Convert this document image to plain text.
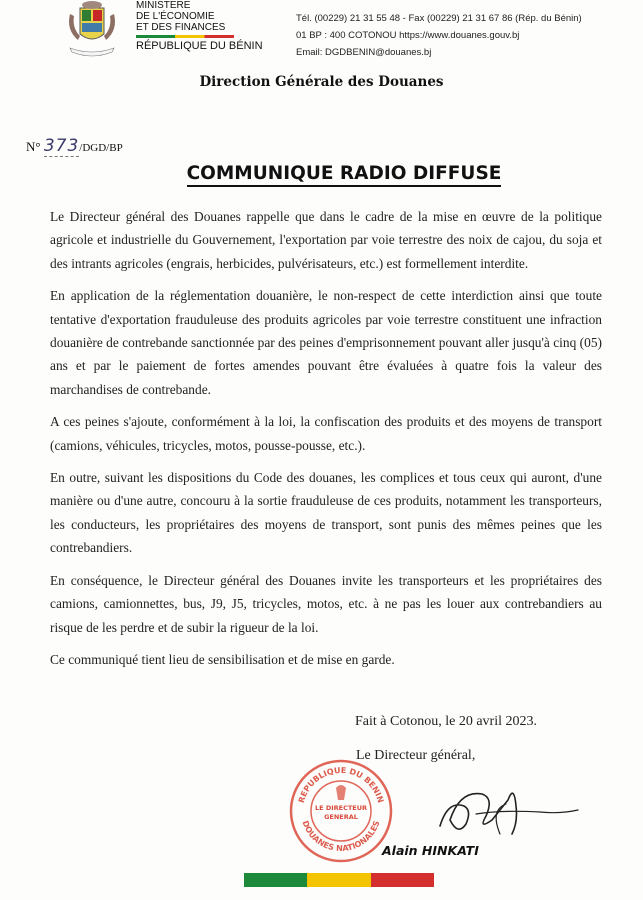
MINISTERE
DE L'ÉCONOMIE
ET DES FINANCES
RÉPUBLIQUE DU BÉNIN
Tél. (00229) 21 31 55 48 - Fax (00229) 21 31 67 86 (Rép. du Bénin)
01 BP : 400 COTONOU https://www.douanes.gouv.bj
Email: DGDBENIN@douanes.bj
Direction Générale des Douanes
N° 373/DGD/BP
COMMUNIQUE RADIO DIFFUSE

Le Directeur général des Douanes rappelle que dans le cadre de la mise en œuvre de la politique agricole et industrielle du Gouvernement, l'exportation par voie terrestre des noix de cajou, du soja et des intrants agricoles (engrais, herbicides, pulvérisateurs, etc.) est formellement interdite.

En application de la réglementation douanière, le non-respect de cette interdiction ainsi que toute tentative d'exportation frauduleuse des produits agricoles par voie terrestre constituent une infraction douanière de contrebande sanctionnée par des peines d'emprisonnement pouvant aller jusqu'à cinq (05) ans et par le paiement de fortes amendes pouvant être évaluées à quatre fois la valeur des marchandises de contrebande.

A ces peines s'ajoute, conformément à la loi, la confiscation des produits et des moyens de transport (camions, véhicules, tricycles, motos, pousse-pousse, etc.).

En outre, suivant les dispositions du Code des douanes, les complices et tous ceux qui auront, d'une manière ou d'une autre, concouru à la sortie frauduleuse de ces produits, notamment les transporteurs, les conducteurs, les propriétaires des moyens de transport, sont punis des mêmes peines que les contrebandiers.

En conséquence, le Directeur général des Douanes invite les transporteurs et les propriétaires des camions, camionnettes, bus, J9, J5, tricycles, motos, etc. à ne pas les louer aux contrebandiers au risque de les perdre et de subir la rigueur de la loi.

Ce communiqué tient lieu de sensibilisation et de mise en garde.

Fait à Cotonou, le 20 avril 2023.
Le Directeur général,
REPUBLIQUE DU BENIN
DOUANES NATIONALES
LE DIRECTEUR
GENERAL
Alain HINKATI
